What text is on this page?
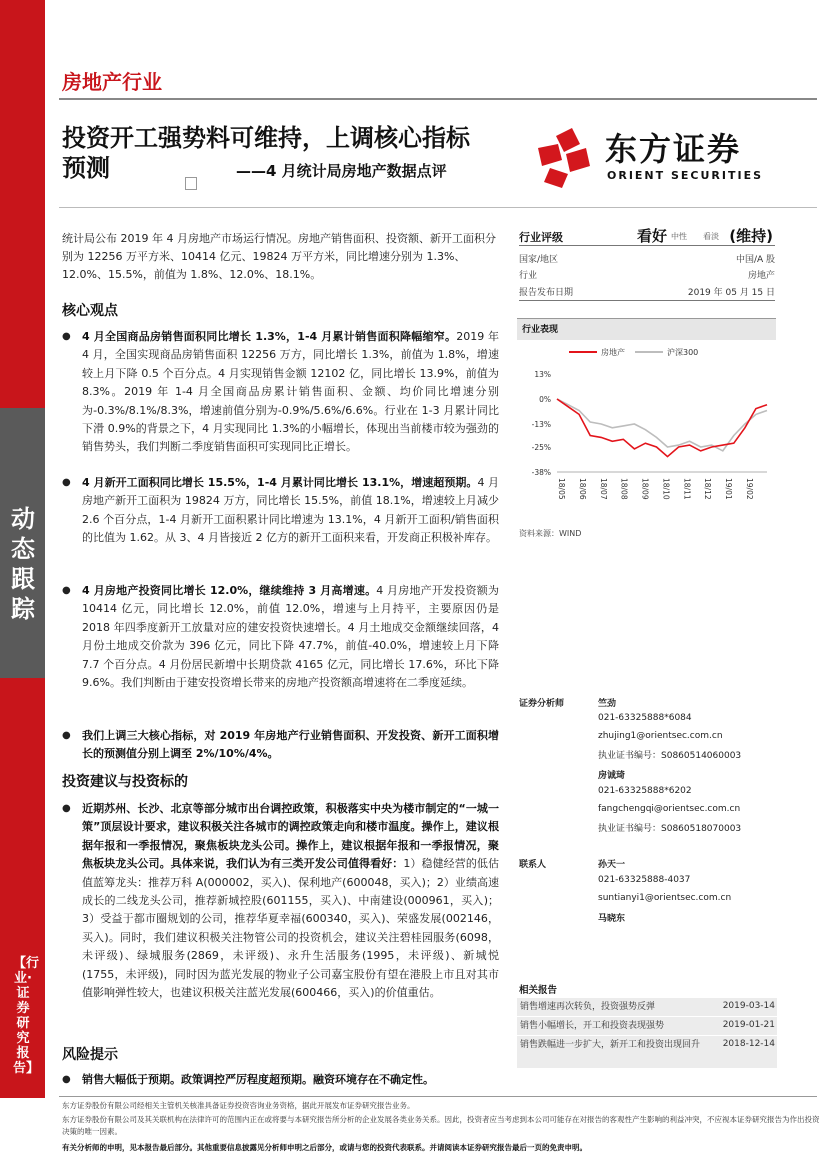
动态跟踪
【行业·证券研究报告】
房地产行业
投资开工强势料可维持，上调核心指标
预测	——4 月统计局房地产数据点评
东方证券
ORIENT SECURITIES
统计局公布 2019 年 4 月房地产市场运行情况。房地产销售面积、投资额、新开工面积分别为 12256 万平方米、10414 亿元、19824 万平方米，同比增速分别为 1.3%、12.0%、15.5%，前值为 1.8%、12.0%、18.1%。
核心观点
● 4 月全国商品房销售面积同比增长 1.3%，1-4 月累计销售面积降幅缩窄。2019 年 4 月，全国实现商品房销售面积 12256 万方，同比增长 1.3%，前值为 1.8%，增速较上月下降 0.5 个百分点。4 月实现销售金额 12102 亿，同比增长 13.9%，前值为 8.3%。2019 年 1-4 月全国商品房累计销售面积、金额、均价同比增速分别为-0.3%/8.1%/8.3%，增速前值分别为-0.9%/5.6%/6.6%。行业在 1-3 月累计同比下滑 0.9%的背景之下，4 月实现同比 1.3%的小幅增长，体现出当前楼市较为强劲的销售势头，我们判断二季度销售面积可实现同比正增长。
● 4 月新开工面积同比增长 15.5%，1-4 月累计同比增长 13.1%，增速超预期。4 月房地产新开工面积为 19824 万方，同比增长 15.5%，前值 18.1%，增速较上月减少 2.6 个百分点，1-4 月新开工面积累计同比增速为 13.1%，4 月新开工面积/销售面积的比值为 1.62。从 3、4 月皆接近 2 亿方的新开工面积来看，开发商正积极补库存。
● 4 月房地产投资同比增长 12.0%，继续维持 3 月高增速。4 月房地产开发投资额为 10414 亿元，同比增长 12.0%，前值 12.0%，增速与上月持平，主要原因仍是 2018 年四季度新开工放量对应的建安投资快速增长。4 月土地成交金额继续回落，4 月份土地成交价款为 396 亿元，同比下降 47.7%，前值-40.0%，增速较上月下降 7.7 个百分点。4 月份居民新增中长期贷款 4165 亿元，同比增长 17.6%，环比下降 9.6%。我们判断由于建安投资增长带来的房地产投资额高增速将在二季度延续。
● 我们上调三大核心指标，对 2019 年房地产行业销售面积、开发投资、新开工面积增长的预测值分别上调至 2%/10%/4%。
投资建议与投资标的
● 近期苏州、长沙、北京等部分城市出台调控政策，积极落实中央为楼市制定的“一城一策”顶层设计要求，建议积极关注各城市的调控政策走向和楼市温度。操作上，建议根据年报和一季报情况，聚焦板块龙头公司。操作上，建议根据年报和一季报情况，聚焦板块龙头公司。具体来说，我们认为有三类开发公司值得看好：1）稳健经营的低估值蓝筹龙头：推荐万科 A(000002，买入)、保利地产(600048，买入)；2）业绩高速成长的二线龙头公司，推荐新城控股(601155，买入)、中南建设(000961，买入)；3）受益于都市圈规划的公司，推荐华夏幸福(600340，买入)、荣盛发展(002146，买入)。同时，我们建议积极关注物管公司的投资机会，建议关注碧桂园服务(6098，未评级)、绿城服务(2869，未评级)、永升生活服务(1995，未评级)、新城悦(1755，未评级)，同时因为蓝光发展的物业子公司嘉宝股份有望在港股上市且对其市值影响弹性较大，也建议积极关注蓝光发展(600466，买入)的价值重估。
风险提示
● 销售大幅低于预期。政策调控严厉程度超预期。融资环境存在不确定性。
行业评级	看好 中性 看淡 (维持)
国家/地区	中国/A 股
行业	房地产
报告发布日期	2019 年 05 月 15 日
行业表现
房地产	沪深300
13%
0%
-13%
-25%
-38%
18/05 18/06 18/07 18/08 18/09 18/10 18/11 18/12 19/01 19/02
资料来源：WIND
证券分析师	竺劲
021-63325888*6084
zhujing1@orientsec.com.cn
执业证书编号：S0860514060003
房诚琦
021-63325888*6202
fangchengqi@orientsec.com.cn
执业证书编号：S0860518070003
联系人	孙天一
021-63325888-4037
suntianyi1@orientsec.com.cn
马晓东
相关报告
销售增速再次转负，投资强势反弹	2019-03-14
销售小幅增长，开工和投资表现强势	2019-01-21
销售跌幅进一步扩大，新开工和投资出现回升	2018-12-14
东方证券股份有限公司经相关主管机关核准具备证券投资咨询业务资格，据此开展发布证券研究报告业务。
东方证券股份有限公司及其关联机构在法律许可的范围内正在或将要与本研究报告所分析的企业发展各类业务关系。因此，投资者应当考虑到本公司可能存在对报告的客观性产生影响的利益冲突，不应视本证券研究报告为作出投资决策的唯一因素。
有关分析师的申明，见本报告最后部分。其他重要信息披露见分析师申明之后部分，或请与您的投资代表联系。并请阅读本证券研究报告最后一页的免责申明。
